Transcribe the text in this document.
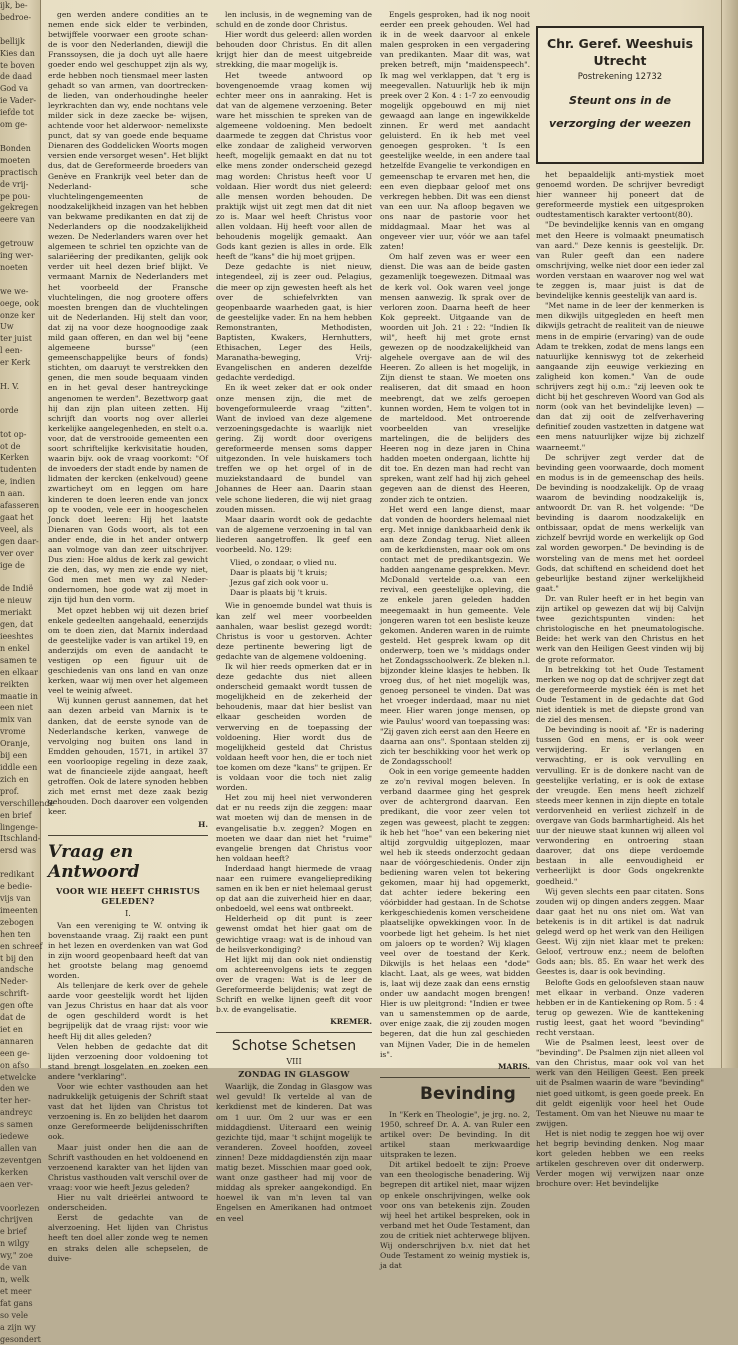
ijk, be-

bedroe-

bellijk

Kies dan

te boven

de daad

God va

ie Vader-

iefde tot

om ge-

Bonden

moeten

practisch

de vrij-

pe pou-

gekregen

eere van

getrouw

ing wer-

noeten

we we-

oege, ook

onze ker

Uw

ter juist

l een-

er Kerk

H. V.

orde

tot op-

ot de

Kerken

tudenten

e, indien

n aan.

afasseren

gaat het

veel, als

gen daar-

ver over

ige de

de Indië

e nieuw

meriakt

gen, dat

ieeshtes

n enkel

samen te

en elkaar

reikten

maatie in

een niet

mix van

vrome

Oranje,

bij een

iddle een

zich en

prof.

verschillende

en brief

lingenge-

Itschland-

ersd was

redikant

e bedie-

vijs van

imeenten

zebogen

hen ten

en schreef

t bij den

andsche

Neder-

schrift-

gen ofte

dat de

iet en

annaren

een ge-

on afso

etwelcke

den we

ter her-

andreyc

s samen

iedewe

allen van

zeventgen

kerken

aen ver-

voorlezen

chrijven

e brief

n wilgy

wy," zoe

de van

n, welk

et meer

fat gans

so vele

a zijn wy

gesondert

gen werden andere condities an te nemen ende sick elder te verbinden, betwijffele voorwaer een groote schan- de is voor den Nederlanden, diewijl die Franssoysen, die ja doch uyt alle haere goeder endo wel geschuppet zijn als wy, erde hebben noch tiensmael meer lasten gehadt so van armen, van doortrecken- de lieden, van onderhoudinghe heeler leyrkrachten dan wy, ende nochtans vele milder sick in deze zaecke be- wijsen, achtende voor het alderwoor- nemelixste punct, dat sy van goede ende bequame Dienaren des Goddelicken Woorts mogen versien ende versorget wesen". Het blijkt dus, dat de Gereformeerde broeders van Genève en Frankrijk veel beter dan de Nederland- sche vluchtelingengemeenten de noodzakelijkheid inzagen van het hebben van bekwame predikanten en dat zij de Nederlanders op die noodzakelijkheid wezen. De Nederlanders waren over het algemeen te schriel ten opzichte van de salariëering der predikanten, gelijk ook verder uit heel dezen brief blijkt. Ve vermaant Marnix de Nederlanders met het voorbeeld der Fransche vluchtelingen, die nog grootere offers moesten brengen dan de vluchtelingen uit de Nederlanden. Hij stelt dan voor, dat zij na voor deze hoognoodige zaak mild gaan offeren, en dan wel bij "eene algemeene bursse" (een gemeenschappelijke beurs of fonds) stichten, om daaruyt te verstrekken den genen, die men soude bequaam vinden en in het geval deser hantreyckinge angenomen te werden". Bezettworp gaat hij dan zijn plan uiteen zetten. Hij schrijft dan voorts nog over allerlei kerkelijke aangelegenheden, en stelt o.a. voor, dat de verstrooide gemeenten een soort schriftelijke kerkvisitatie houden, waarin bijv. ook de vraag voorkomt: "Of de invoeders der stadt ende by namen de lidmaten der kercken (enkelvoud) geene zwarticheyt om en leggen om hare kinderen te doen leeren ende van joncx op te vooden, vele eer in hoogeschelen Jonck doet leeren: Hij het laatste Dienaren van Gods woort, als tot een ander ende, die in het ander ontwerp aan volmoge van dan zeer uitschrijver. Dus zien: Hoe aldus de kerk zal gewicht zie den, das, wy men zie ende wy niet, God men met men wy zal Neder- ondernomen, hoe gode wat zij moet in zijn tijd hun den vorm.

Met opzet hebben wij uit dezen brief enkele gedeelten aangehaald, eenerzijds om te doen zien, dat Marnix inderdaad de geestelijke vader is van artikel 19, en anderzijds om even de aandacht te vestigen op een figuur uit de geschiedenis van ons land en van onze kerken, waar wij men over het algemeen veel te weinig afweet.

Wij kunnen gerust aannemen, dat het aan dezen arbeid van Marnix is te danken, dat de eerste synode van de Nederlandsche kerken, vanwege de vervolging nog buiten ons land in Emdden gehouden, 1571, in artikel 37 een voorloopige regeling in deze zaak, wat de financieele zijde aangaat, heeft getroffen. Ook de latere synoden hebben zich met ernst met deze zaak bezig gehouden. Doch daarover een volgenden keer.

H.
Vraag en Antwoord
VOOR WIE HEEFT CHRISTUS GELEDEN?
I.

Van een vereniging te W. ontving ik bovenstaande vraag. Zij raakt een punt in het lezen en overdenken van wat God in zijn woord geopenbaard heeft dat van het grootste belang mag genoemd worden.

Als tellenjare de kerk over de gehele aarde voor geestelijk wordt het lijden van Jezus Christus en haar dat als voor de ogen geschilderd wordt is het begrijpelijk dat de vraag rijst: voor wie heeft Hij dit alles geleden?

Velen hebben de gedachte dat dit lijden verzoening door voldoening tot stand brengt losgelaten en zoeken een andere "verklaring".

Voor wie echter vasthouden aan het nadrukkelijk getuigenis der Schrift staat vast dat het lijden van Christus tot verzoening is. En zo belijden het daarom onze Gereformeerde belijdenisschriften ook.

Maar juist onder hen die aan de Schrift vasthouden en het voldoenend en verzoenend karakter van het lijden van Christus vasthouden valt verschil over de vraag: voor wie heeft Jezus geleden?

Hier nu valt drieërlei antwoord te onderscheiden.

Eerst de gedachte van de alverzoening. Het lijden van Christus heeft ten doel aller zonde weg te nemen en straks delen alle schepselen, de duive-

len inclusis, in de wegneming van de schuld en de zonde door Christus.

Hier wordt dus geleerd: allen worden behouden door Christus. En dit allen krijgt hier dan de meest uitgebreide strekking, die maar mogelijk is.

Het tweede antwoord op bovengenoemde vraag komen wij echter meer ons in aanraking. Het is dat van de algemene verzoening. Beter ware het misschien te spreken van de algemeene voldoening. Men bedoelt daarmede te zeggen dat Christus voor elke zondaar de zaligheid verworven heeft, mogelijk gemaakt en dat nu tot elke mens zonder onderscheid gezegd mag worden: Christus heeft voor U voldaan. Hier wordt dus niet geleerd: alle mensen worden behouden. De praktijk wijst uit zegt men dat dit niet zo is. Maar wel heeft Christus voor allen voldaan. Hij heeft voor allen de behoudenis mogelijk gemaakt. Aan Gods kant gezien is alles in orde. Elk heeft de "kans" die hij moet grijpen.

Deze gedachte is niet nieuw, integendeel, zij is zeer oud. Pelagius, die meer op zijn gewesten heeft als het over de schiefelvrkten van geopenbaarde waarheden gaat, is hier de geestelijke vader. En na hem hebben Remonstranten, Methodisten, Baptisten, Kwakers, Hernhutters, Ethisachen, Leger des Heils, Maranatha-beweging, Vrij-Evangelischen en anderen dezelfde gedachte verdedigd.

En ik weet zeker dat er ook onder onze mensen zijn, die met de bovengeformuleerde vraag "zitten". Want de invloed van deze algemene verzoeningsgedachte is waarlijk niet gering. Zij wordt door overigens gereformeerde mensen soms dapper uitgezonden. In vele huiskamers toch treffen we op het orgel of in de muziekstandaard de bundel van Johannes de Heer aan. Daarin staan vele schone liederen, die wij niet graag zouden missen.

Maar daarin wordt ook de gedachte van de algemene verzoening in tal van liederen aangetroffen. Ik geef een voorbeeld. No. 129:

Vlied, o zondaar, o vlied nu.

Daar is plaats bij 't kruis;

Jezus gaf zich ook voor u.

Daar is plaats bij 't kruis.

Wie in genoemde bundel wat thuis is kan zelf wel meer voorbeelden aanhalen, waar beslist gezegd wordt: Christus is voor u gestorven. Achter deze pertinente bewering ligt de gedachte van de algemene voldoening.

Ik wil hier reeds opmerken dat er in deze gedachte dus niet alleen onderscheid gemaakt wordt tussen de mogelijkheid en de zekerheid der behoudenis, maar dat hier beslist van elkaar gescheiden worden de verwerving en de toepassing der voldoening. Hier wordt dus de mogelijkheid gesteld dat Christus voldaan heeft voor hen, die er toch niet toe komen om deze "kans" te grijpen. Er is voldaan voor die toch niet zalig worden.

Het zou mij heel niet verwonderen dat er nu reeds zijn die zeggen: maar wat moeten wij dan de mensen in de evangelisatie b.v. zeggen? Mogen en moeten we daar dan niet het "ruime" evangelie brengen dat Christus voor hen voldaan heeft?

Inderdaad hangt hiermede de vraag naar een ruimere evangelieprediking samen en ik ben er niet helemaal gerust op dat aan die zuiverheid hier en daar, onbedoeld, wel eens wat ontbreekt.

Helderheid op dit punt is zeer gewenst omdat het hier gaat om de gewichtige vraag: wat is de inhoud van de heilsverkondiging?

Het lijkt mij dan ook niet ondienstig om achtereenvolgens iets te zeggen over de vragen: Wat is de leer de Gereformeerde belijdenis; wat zegt de Schrift en welke lijnen geeft dit voor b.v. de evangelisatie.

KREMER.
Schotse Schetsen
VIII
ZONDAG IN GLASGOW

Waarlijk, die Zondag in Glasgow was wel gevuld! Ik vertelde al van de kerkdienst met de kinderen. Dat was om 1 uur. Om 2 uur was er een middagdienst. Uiteraard een weinig gezichte tijd, maar 't schijnt mogelijk te veranderen. Zoveel hoofden, zoveel zinnen! Deze middagdienstén zijn maar matig bezet. Misschien maar goed ook, want onze gastheer had mij voor de middag als spreker aangekondigd. En hoewel ik van m'n leven tal van Engelsen en Amerikanen had ontmoet en veel

Engels gesproken, had ik nog nooit eerder een preek gehouden. Wel had ik in de week daarvoor al enkele malen gesproken in een vergadering van predikanten. Maar dit was, wat preken betreft, mijn "maidenspeech". Ik mag wel verklappen, dat 't erg is meegevallen. Natuurlijk heb ik mijn preek over 2 Kon. 4 : 1-7 zo eenvoudig mogelijk opgebouwd en mij niet gewaagd aan lange en ingewikkelde zinnen. Er werd met aandacht geluisterd. En ik heb met veel genoegen gesproken. 't Is een geestelijke weelde, in een andere taal hetzelfde Evangelie te verkondigen en gemeenschap te ervaren met hen, die een even diepbaar geloof met ons verkregen hebben. Dit was een dienst van een uur. Na afloop begaven we ons naar de pastorie voor het middagmaal. Maar het was al ongeveer vier uur, vóór we aan tafel zaten!

Om half zeven was er weer een dienst. Die was aan de beide gasten gezamenlijk toegewezen. Ditmaal was de kerk vol. Ook waren veel jonge mensen aanwezig. Ik sprak over de verloren zoon. Daarna heeft de heer Kok gepreekt. Uitgaande van de woorden uit Joh. 21 : 22: "Indien Ik wil", heeft hij met grote ernst gewezen op de noodzakelijkheid van algehele overgave aan de wil des Heeren. Zo alleen is het mogelijk, in Zijn dienst te staan. We moeten ons realiseren, dat dit smaad en hoon meebrengt, dat we zelfs geroepen kunnen worden, Hem te volgen tot in de marteldood. Met ontroerende voorbeelden van vreselijke martelingen, die de belijders des Heeren nog in deze jaren in China hadden moeten ondergaan, lichtte hij dit toe. En dezen man had recht van spreken, want zelf had hij zich geheel gegeven aan de dienst des Heeren, zonder zich te ontzien.

Het werd een lange dienst, maar dat vonden de hoorders helemaal niet erg. Met innige dankbaarheid denk ik aan deze Zondag terug. Niet alleen om de kerkdiensten, maar ook om ons contact met de predikantsgezin. We hadden aangename gesprekken. Mevr. McDonald vertelde o.a. van een revival, een geestelijke opleving, die ze enkele jaren geleden hadden meegemaakt in hun gemeente. Vele jongeren waren tot een besliste keuze gekomen. Anderen waren in de ruimte gesteld. Het gesprek kwam op dit onderwerp, toen we 's middags onder het Zondagsschoolwerk. Ze bleken n.l. bijzonder kleine klasjes te hebben. Ik vroeg dus, of het niet mogelijk was, genoeg personeel te vinden. Dat was het vroeger inderdaad, maar nu niet meer. Hier waren jonge mensen, op wie Paulus' woord van toepassing was: "Zij gaven zich eerst aan den Heere en daarna aan ons". Spontaan stelden zij zich ter beschikking voor het werk op de Zondagsschool!

Ook in een vorige gemeente hadden ze zo'n revival mogen beleven. In verband daarmee ging het gesprek over de achtergrond daarvan. Een predikant, die voor zeer velen tot zegen was geweest, placht te zeggen: ik heb het "hoe" van een bekering niet altijd zorgvuldig uitgeplozen, maar wel heb ik steeds onderzocht gedaan naar de vóórgeschiedenis. Onder zijn bediening waren velen tot bekering gekomen, maar hij had opgemerkt, dat achter iedere bekering een vóórbidder had gestaan. In de Schotse kerkgeschiedenis komen verscheidene plaatselijke opwekkingen voor. In de voorbede ligt het geheim. Is het niet om jaloers op te worden? Wij klagen veel over de toestand der Kerk. Dikwijls is het helaas een "dode" klacht. Laat, als ge wees, wat bidden is, laat wij deze zaak dan eens ernstig onder uw aandacht mogen brengen! Hier is uw pleitgrond: "Indien er twee van u samenstemmen op de aarde, over enige zaak, die zij zouden mogen begeren, dat die hun zal geschieden van Mijnen Vader, Die in de hemelen is".

MARIS.
Bevinding

In "Kerk en Theologie", je jrg. no. 2, 1950, schreef Dr. A. A. van Ruler een artikel over: De bevinding. In dit artikel staan merkwaardige uitspraken te lezen.

Dit artikel bedoelt te zijn: Proeve van een theologische benadering. Wij begrepen dit artikel niet, maar wijzen op enkele onschrijvingen, welke ook voor ons van betekenis zijn. Zouden wij heel het artikel bespreken, ook in verband met het Oude Testament, dan zou de critiek niet achterwege blijven. Wij onderschrijven b.v. niet dat het Oude Testament zo weinig mystiek is, ja dat

Chr. Geref. Weeshuis
Utrecht
Postrekening 12732
Steunt ons in de
verzorging der weezen

het bepaaldelijk anti-mystiek moet genoemd worden. De schrijver bevredigt hier wanneer hij poneert dat de gereformeerde mystiek een uitgesproken oudtestamentisch karakter vertoont(80).

"De bevindelijke kennis van en omgang met den Heere is volmaakt pneumatisch van aard." Deze kennis is geestelijk. Dr. van Ruler geeft dan een nadere omschrijving, welke niet door een ieder zal worden verstaan en waarover nog wel wat te zeggen is, maar juist is dat de bevindelijke kennis geestelijk van aard is.

"Met name in de leer der kenmerken is men dikwijls uitgegleden en heeft men dikwijls getracht de realiteit van de nieuwe mens in de empirie (ervaring) van de oude Adam te trekken, zodat de mens langs een natuurlijke kenniswyg tot de zekerheid aangaande zijn eeuwige verkiezing en zaligheid kon komen." Van de oude schrijvers zegt hij o.m.: "zij leeven ook te dicht bij het geschreven Woord van God als norm (ook van het bevindelijke leven) — dan dat zij ooit de zelfverhavering definitief zouden vastzetten in datgene wat een mens natuurlijker wijze bij zichzelf waarneemt."

De schrijver zegt verder dat de bevinding geen voorwaarde, doch moment en modus is in de gemeenschap des heils. De bevinding is noodzakelijk. Op de vraag waarom de bevinding noodzakelijk is, antwoordt Dr. van R. het volgende: "De bevinding is daarom noodzakelijk en ontbissaar, opdat de mens werkelijk van zichzelf bevrijd worde en werkelijk op God zal worden geworpen." De bevinding is de worsteling van de mens met het oordeel Gods, dat schiftend en scheidend doet het gebeurlijke bestand zijner werkelijkheid gaat."

Dr. van Ruler heeft er in het begin van zijn artikel op gewezen dat wij bij Calvijn twee gezichtspunten vinden: het christologische en het pneumatologische. Beide: het werk van den Christus en het werk van den Heiligen Geest vinden wij bij de grote reformator.

In betrekking tot het Oude Testament merken we nog op dat de schrijver zegt dat de gereformeerde mystiek één is met het Oude Testament in de gedachte dat God niet identiek is met de diepste grond van de ziel des mensen.

De bevinding is nooit af. "Er is nadering tussen God en mens, er is ook weer verwijdering. Er is verlangen en verwachting, er is ook vervulling en vervulling. Er is de donkere nacht van de geestelijke verlating, er is ook de extase der vreugde. Een mens heeft zichzelf steeds meer kennen in zijn diepte en totale verdorvenheid en verliest zichzelf in de overgave van Gods barmhartigheid. Als het uur der nieuwe staat kunnen wij alleen vol verwondering en ontroering staan daarover, dat ons diepe verdoemde bestaan in alle eenvoudigheid er verheerlijkt is door Gods ongekrenkte goedheid."

Wij geven slechts een paar citaten. Sons zouden wij op dingen anders zeggen. Maar daar gaat het nu ons niet om. Wat van betekenis is in dit artikel is dat nadruk gelegd werd op het werk van den Heiligen Geest. Wij zijn niet klaar met te preken: Geloof, vertrouw enz.; neem de beloften Gods aan; bls. 85. En waar het werk des Geestes is, daar is ook bevinding.

Belofte Gods en geloofsleven staan nauw met elkaar in verband. Onze vaderen hebben er in de Kantiekening op Rom. 5 : 4 terug op gewezen. Wie de kanttekening rustig leest, gaat het woord "bevinding" recht verstaan.

Wie de Psalmen leest, leest over de "bevinding". De Psalmen zijn niet alleen vol van den Christus, maar ook vol van het werk van den Heiligen Geest. Een preek uit de Psalmen waarin de ware "bevinding" niet goed uitkomt, is geen goede preek. En dit geldt eigenlijk voor heel het Oude Testament. Om van het Nieuwe nu maar te zwijgen.

Het is niet nodig te zeggen hoe wij over het begrip bevinding denken. Nog maar kort geleden hebben we een reeks artikelen geschreven over dit onderwerp. Verder mogen wij verwijzen naar onze brochure over: Het bevindelijke
